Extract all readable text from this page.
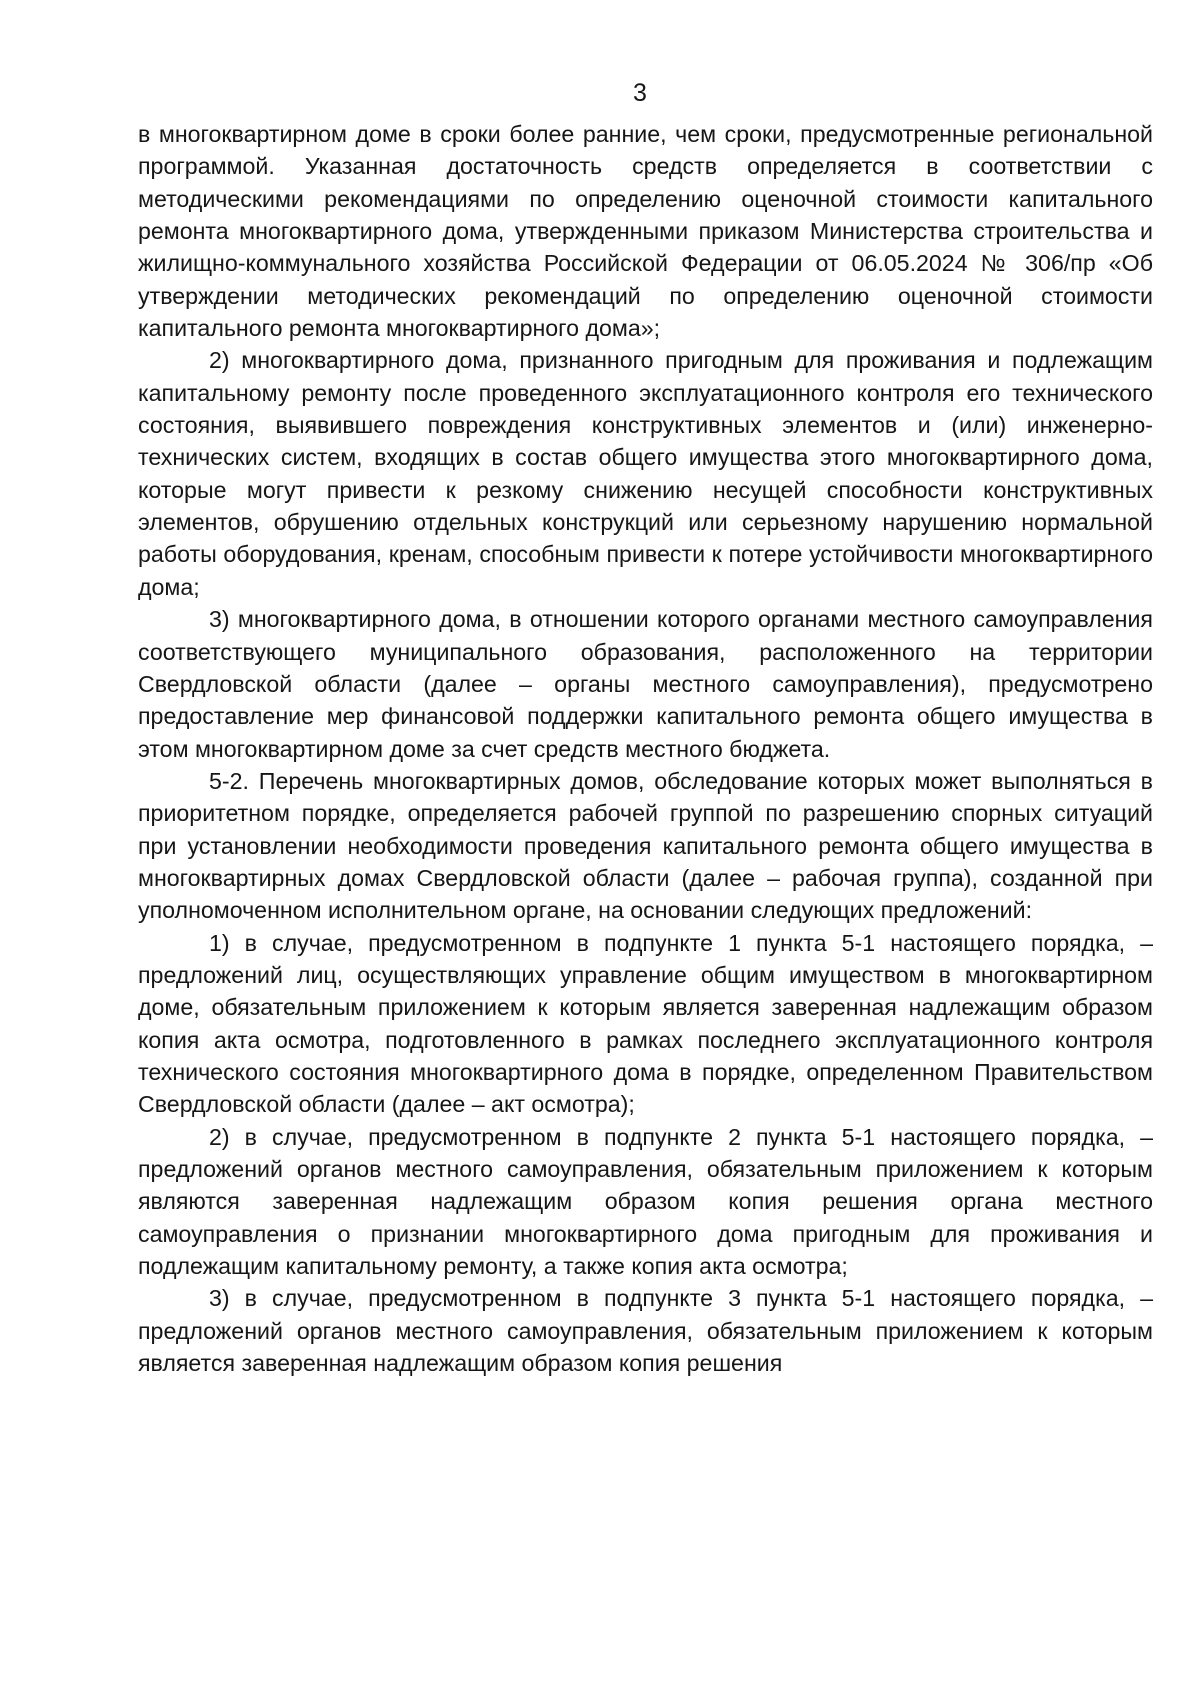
3

в многоквартирном доме в сроки более ранние, чем сроки, предусмотренные региональной программой. Указанная достаточность средств определяется в соответствии с методическими рекомендациями по определению оценочной стоимости капитального ремонта многоквартирного дома, утвержденными приказом Министерства строительства и жилищно-коммунального хозяйства Российской Федерации от 06.05.2024 № 306/пр «Об утверждении методических рекомендаций по определению оценочной стоимости капитального ремонта многоквартирного дома»;

2) многоквартирного дома, признанного пригодным для проживания и подлежащим капитальному ремонту после проведенного эксплуатационного контроля его технического состояния, выявившего повреждения конструктивных элементов и (или) инженерно-технических систем, входящих в состав общего имущества этого многоквартирного дома, которые могут привести к резкому снижению несущей способности конструктивных элементов, обрушению отдельных конструкций или серьезному нарушению нормальной работы оборудования, кренам, способным привести к потере устойчивости многоквартирного дома;

3) многоквартирного дома, в отношении которого органами местного самоуправления соответствующего муниципального образования, расположенного на территории Свердловской области (далее – органы местного самоуправления), предусмотрено предоставление мер финансовой поддержки капитального ремонта общего имущества в этом многоквартирном доме за счет средств местного бюджета.

5-2. Перечень многоквартирных домов, обследование которых может выполняться в приоритетном порядке, определяется рабочей группой по разрешению спорных ситуаций при установлении необходимости проведения капитального ремонта общего имущества в многоквартирных домах Свердловской области (далее – рабочая группа), созданной при уполномоченном исполнительном органе, на основании следующих предложений:

1) в случае, предусмотренном в подпункте 1 пункта 5-1 настоящего порядка, – предложений лиц, осуществляющих управление общим имуществом в многоквартирном доме, обязательным приложением к которым является заверенная надлежащим образом копия акта осмотра, подготовленного в рамках последнего эксплуатационного контроля технического состояния многоквартирного дома в порядке, определенном Правительством Свердловской области (далее – акт осмотра);

2) в случае, предусмотренном в подпункте 2 пункта 5-1 настоящего порядка, – предложений органов местного самоуправления, обязательным приложением к которым являются заверенная надлежащим образом копия решения органа местного самоуправления о признании многоквартирного дома пригодным для проживания и подлежащим капитальному ремонту, а также копия акта осмотра;

3) в случае, предусмотренном в подпункте 3 пункта 5-1 настоящего порядка, – предложений органов местного самоуправления, обязательным приложением к которым является заверенная надлежащим образом копия решения
